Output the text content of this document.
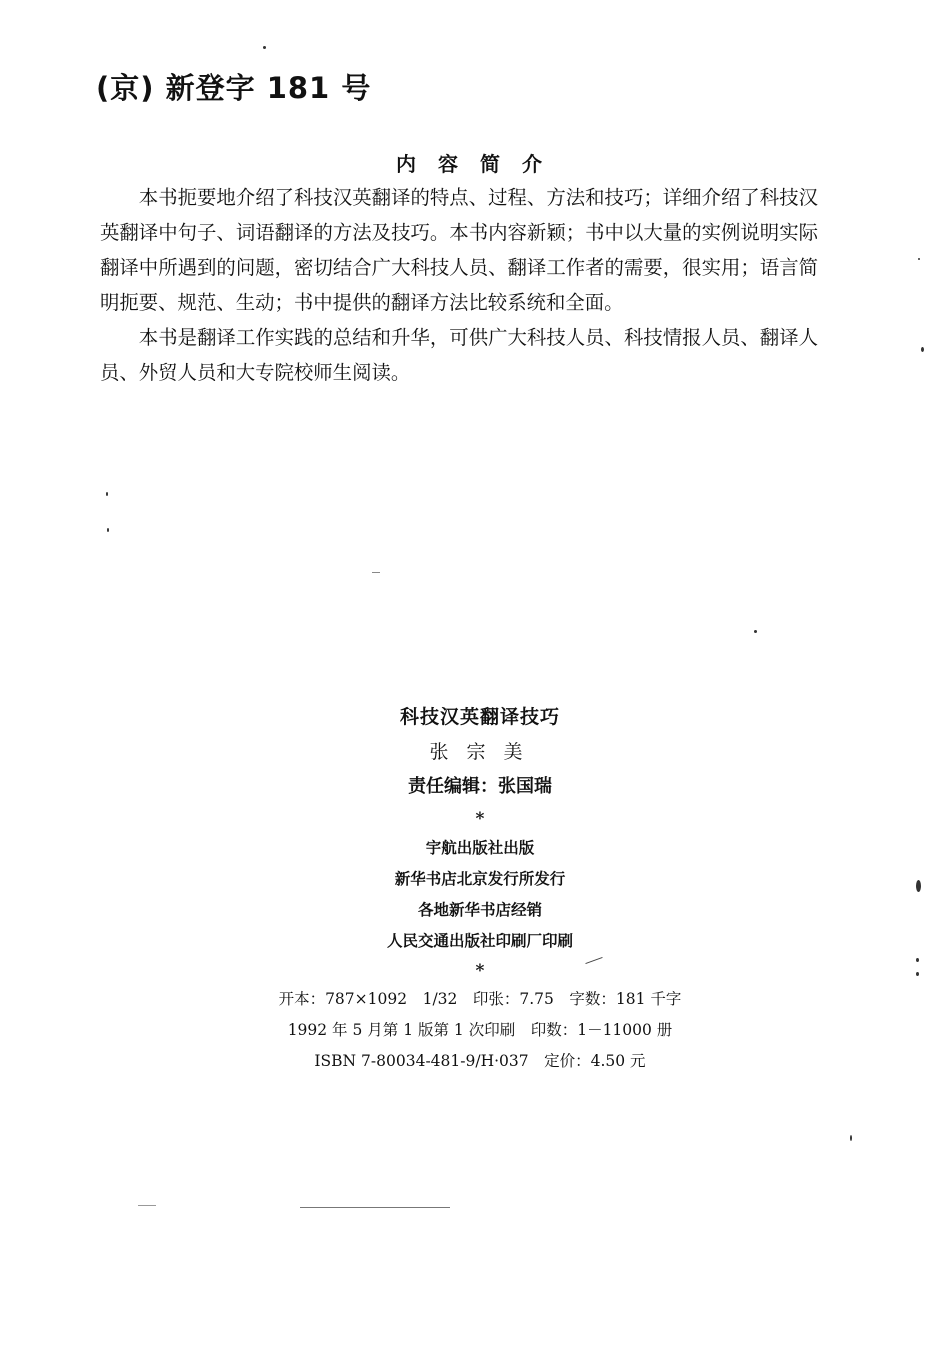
(京) 新登字 181 号
内容简介

本书扼要地介绍了科技汉英翻译的特点、过程、方法和技巧；详细介绍了科技汉英翻译中句子、词语翻译的方法及技巧。本书内容新颖；书中以大量的实例说明实际翻译中所遇到的问题，密切结合广大科技人员、翻译工作者的需要，很实用；语言简明扼要、规范、生动；书中提供的翻译方法比较系统和全面。

本书是翻译工作实践的总结和升华，可供广大科技人员、科技情报人员、翻译人员、外贸人员和大专院校师生阅读。

科技汉英翻译技巧
张宗美
责任编辑：张国瑞
*
宇航出版社出版
新华书店北京发行所发行
各地新华书店经销
人民交通出版社印刷厂印刷
*
开本：787×1092　1/32　印张：7.75　字数：181 千字
1992 年 5 月第 1 版第 1 次印刷　印数：1－11000 册
ISBN 7-80034-481-9/H·037　定价：4.50 元
